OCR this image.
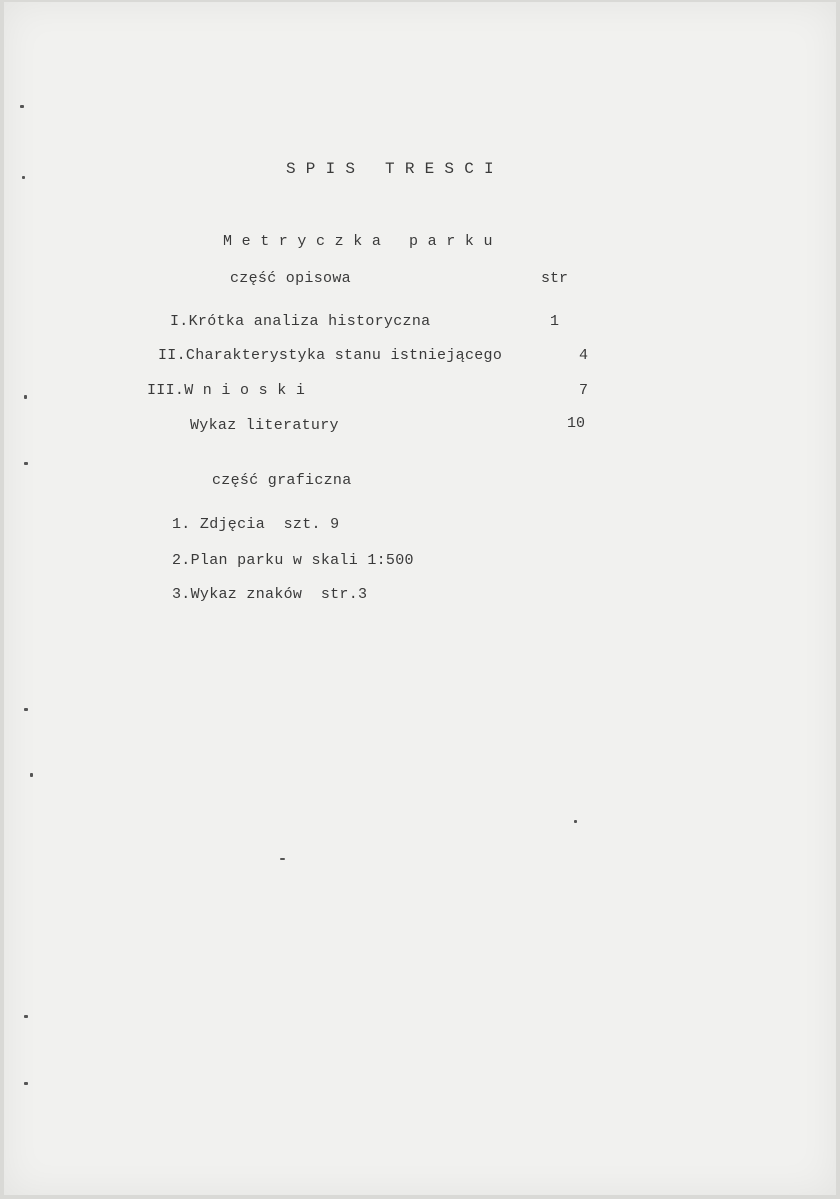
S P I S   T R E S C I
M e t r y c z k a   p a r k u
część opisowa	str
I.Krótka analiza historyczna	1
II.Charakterystyka stanu istniejącego	4
III.W n i o s k i	7
Wykaz literatury	10
część graficzna
1. Zdjęcia  szt. 9
2.Plan parku w skali 1:500
3.Wykaz znaków  str.3
